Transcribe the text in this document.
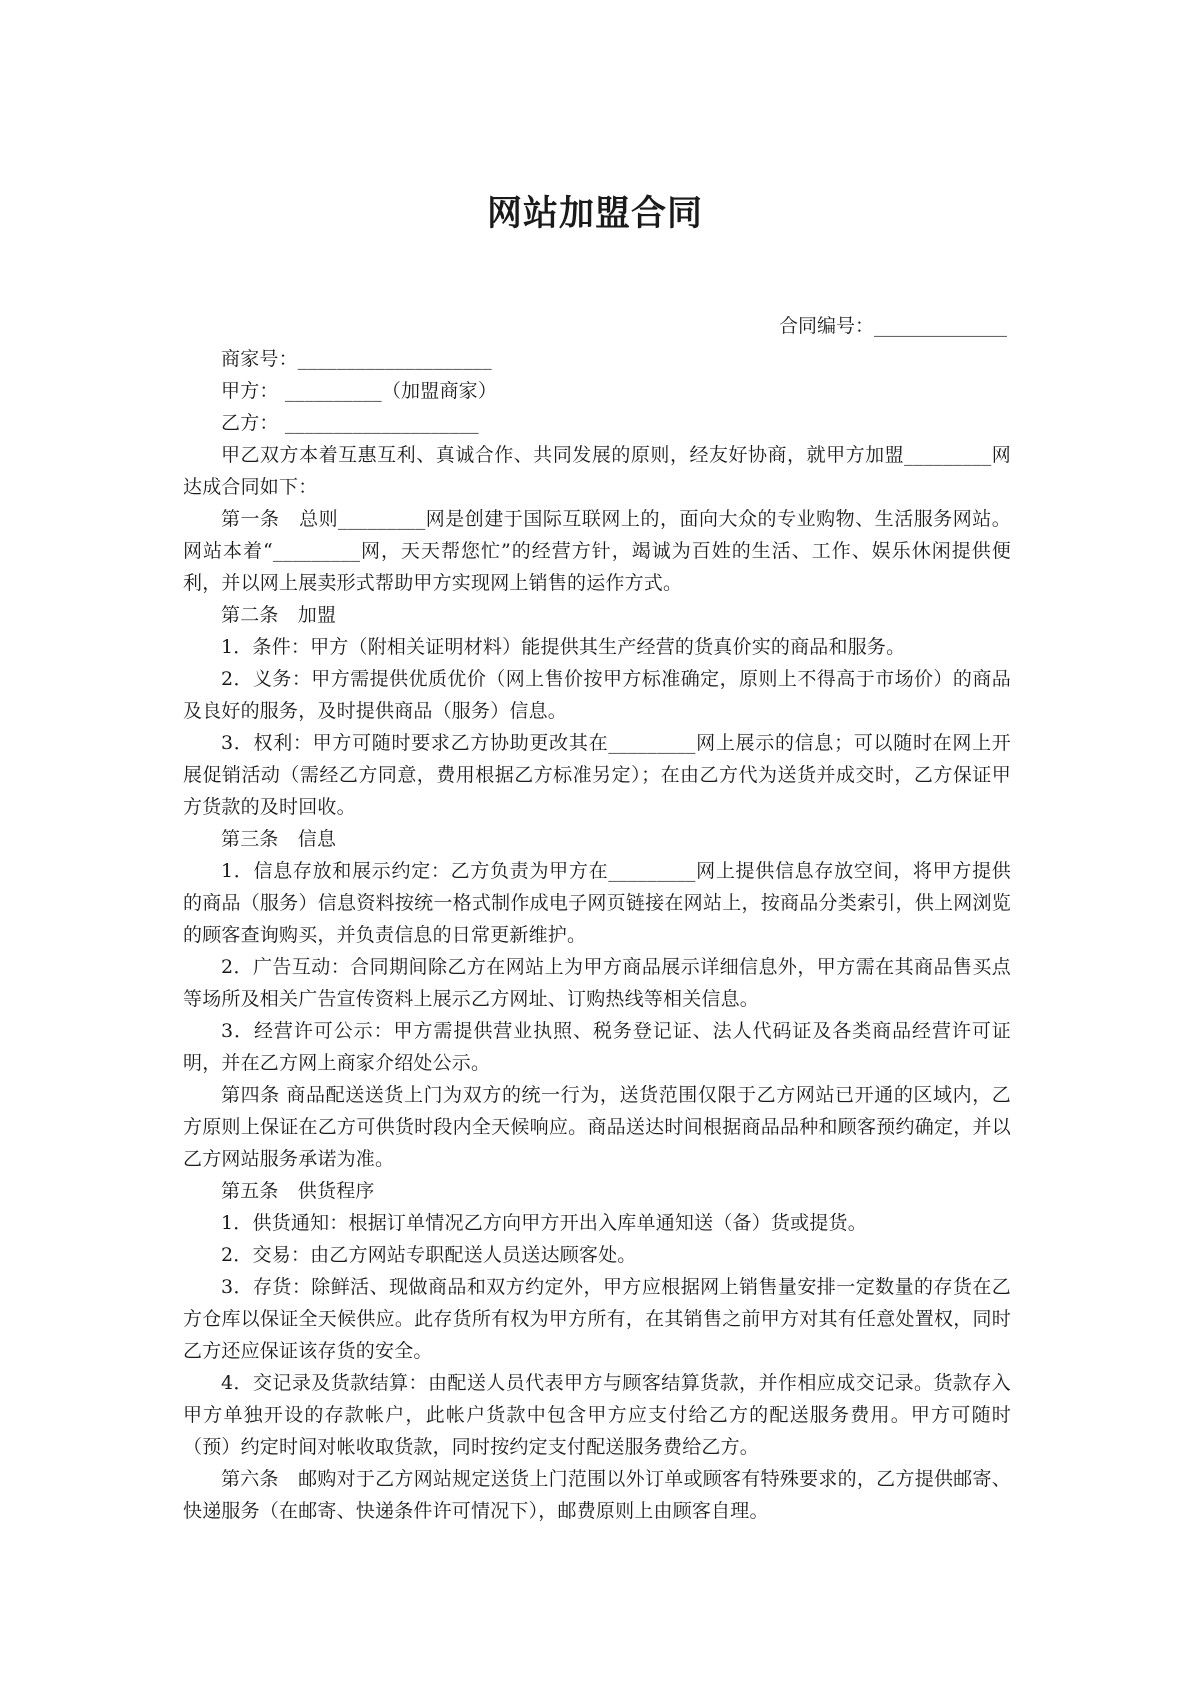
网站加盟合同
合同编号：______________

商家号：____________________

甲方： __________（加盟商家）

乙方： ____________________

甲乙双方本着互惠互利、真诚合作、共同发展的原则，经友好协商，就甲方加盟_________网达成合同如下：

第一条　总则_________网是创建于国际互联网上的，面向大众的专业购物、生活服务网站。网站本着“_________网，天天帮您忙”的经营方针，竭诚为百姓的生活、工作、娱乐休闲提供便利，并以网上展卖形式帮助甲方实现网上销售的运作方式。

第二条　加盟

1．条件：甲方（附相关证明材料）能提供其生产经营的货真价实的商品和服务。

2．义务：甲方需提供优质优价（网上售价按甲方标准确定，原则上不得高于市场价）的商品及良好的服务，及时提供商品（服务）信息。

3．权利：甲方可随时要求乙方协助更改其在_________网上展示的信息；可以随时在网上开展促销活动（需经乙方同意，费用根据乙方标准另定）；在由乙方代为送货并成交时，乙方保证甲方货款的及时回收。

第三条　信息

1．信息存放和展示约定：乙方负责为甲方在_________网上提供信息存放空间，将甲方提供的商品（服务）信息资料按统一格式制作成电子网页链接在网站上，按商品分类索引，供上网浏览的顾客查询购买，并负责信息的日常更新维护。

2．广告互动：合同期间除乙方在网站上为甲方商品展示详细信息外，甲方需在其商品售买点等场所及相关广告宣传资料上展示乙方网址、订购热线等相关信息。

3．经营许可公示：甲方需提供营业执照、税务登记证、法人代码证及各类商品经营许可证明，并在乙方网上商家介绍处公示。

第四条 商品配送送货上门为双方的统一行为，送货范围仅限于乙方网站已开通的区域内，乙方原则上保证在乙方可供货时段内全天候响应。商品送达时间根据商品品种和顾客预约确定，并以乙方网站服务承诺为准。

第五条　供货程序

1．供货通知：根据订单情况乙方向甲方开出入库单通知送（备）货或提货。

2．交易：由乙方网站专职配送人员送达顾客处。

3．存货：除鲜活、现做商品和双方约定外，甲方应根据网上销售量安排一定数量的存货在乙方仓库以保证全天候供应。此存货所有权为甲方所有，在其销售之前甲方对其有任意处置权，同时乙方还应保证该存货的安全。

4．交记录及货款结算：由配送人员代表甲方与顾客结算货款，并作相应成交记录。货款存入甲方单独开设的存款帐户，此帐户货款中包含甲方应支付给乙方的配送服务费用。甲方可随时（预）约定时间对帐收取货款，同时按约定支付配送服务费给乙方。

第六条　邮购对于乙方网站规定送货上门范围以外订单或顾客有特殊要求的，乙方提供邮寄、快递服务（在邮寄、快递条件许可情况下），邮费原则上由顾客自理。
